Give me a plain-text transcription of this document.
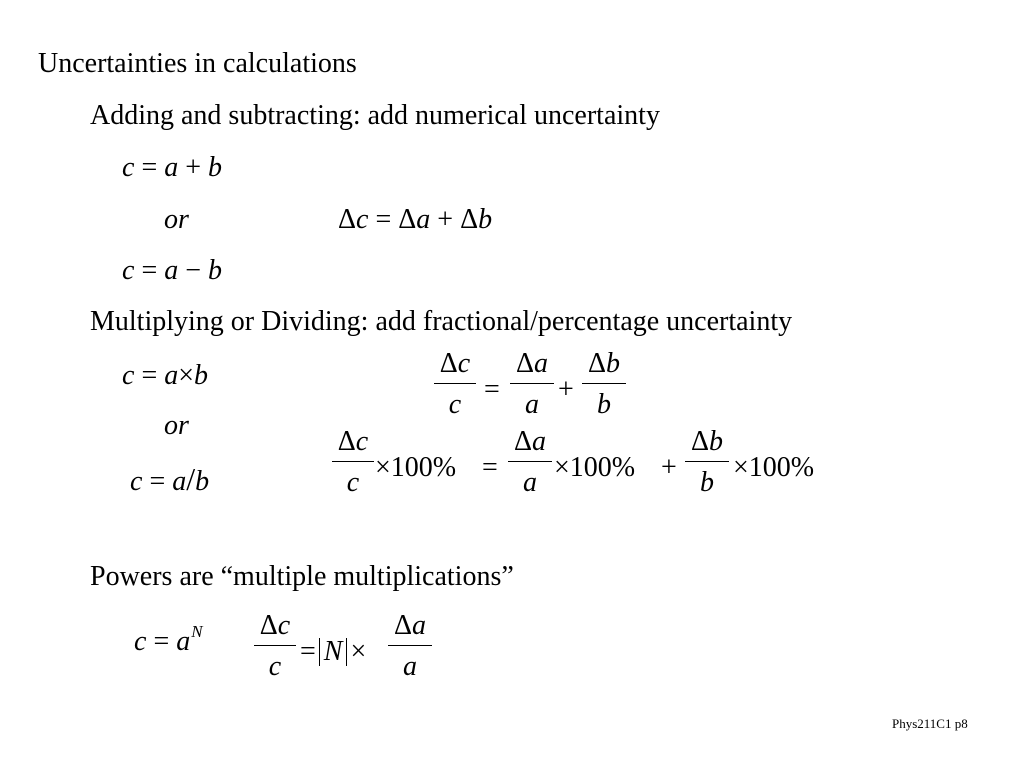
Uncertainties in calculations
Adding and subtracting: add numerical uncertainty
c = a + b
or	Δc = Δa + Δb
c = a − b
Multiplying or Dividing: add fractional/percentage uncertainty
c = a×b	Δc
c =
Δa
a +
Δb
b
or
c = a/b
Δc
c ×100% =
Δa
a ×100% +
Δb
b ×100%
Powers are “multiple multiplications”
$c = a^N$ Δc
c = N ×
Δa
a
Phys211C1 p8
